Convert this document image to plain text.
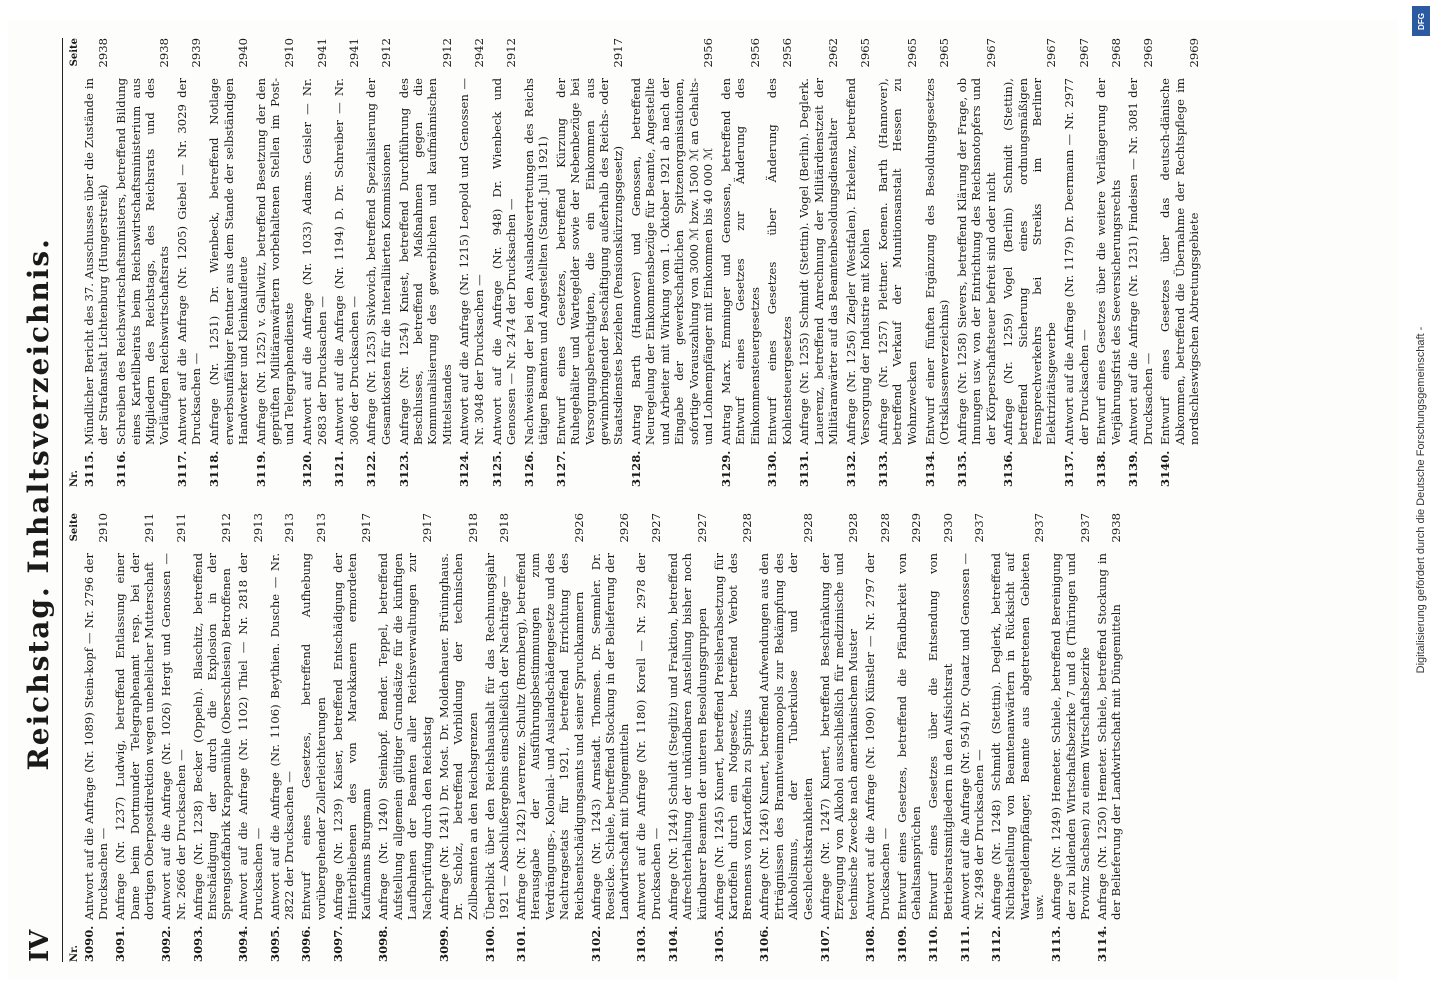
IV
Reichstag. Inhaltsverzeichnis.
Nr.
Seite
3090.
Antwort auf die Anfrage (Nr. 1089) Stein-kopf — Nr. 2796 der Drucksachen —
2910
3091.
Anfrage (Nr. 1237) Ludwig, betreffend Entlassung einer Dame beim Dortmunder Telegraphenamt resp. bei der dortigen Oberpostdirektion wegen unehelicher Mutterschaft
2911
3092.
Antwort auf die Anfrage (Nr. 1026) Hergt und Genossen — Nr. 2666 der Drucksachen —
2911
3093.
Anfrage (Nr. 1238) Becker (Oppeln). Blaschitz, betreffend Entschädigung der durch die Explosion in der Sprengstoffabrik Krappamühle (Oberschlesien) Betroffenen
2912
3094.
Antwort auf die Anfrage (Nr. 1102) Thiel — Nr. 2818 der Drucksachen —
2913
3095.
Antwort auf die Anfrage (Nr. 1106) Beythien. Dusche — Nr. 2822 der Drucksachen —
2913
3096.
Entwurf eines Gesetzes, betreffend Aufhebung vorübergehender Zollerleichterungen
2913
3097.
Anfrage (Nr. 1239) Kaiser, betreffend Entschädigung der Hinterbliebenen des von Marokkanern ermordeten Kaufmanns Burgmann
2917
3098.
Anfrage (Nr. 1240) Steinkopf. Bender. Teppel, betreffend Aufstellung allgemein gültiger Grundsätze für die künftigen Laufbahnen der Beamten aller Reichsverwaltungen zur Nachprüfung durch den Reichstag
2917
3099.
Anfrage (Nr. 1241) Dr. Most. Dr. Moldenhauer. Brüninghaus. Dr. Scholz, betreffend Vorbildung der technischen Zollbeamten an den Reichsgrenzen
2918
3100.
Überblick über den Reichshaushalt für das Rechnungsjahr 1921 — Abschlußergebnis einschließlich der Nachträge —
2918
3101.
Anfrage (Nr. 1242) Laverrenz. Schultz (Bromberg), betreffend Herausgabe der Ausführungsbestimmungen zum Verdrängungs-, Kolonial- und Auslandschädengesetze und des Nachtragsetats für 1921, betreffend Errichtung des Reichsentschädigungsamts und seiner Spruchkammern
2926
3102.
Anfrage (Nr. 1243) Arnstadt. Thomsen. Dr. Semmler. Dr. Roesicke. Schiele, betreffend Stockung in der Belieferung der Landwirtschaft mit Düngemitteln
2926
3103.
Antwort auf die Anfrage (Nr. 1180) Korell — Nr. 2978 der Drucksachen —
2927
3104.
Anfrage (Nr. 1244) Schuldt (Steglitz) und Fraktion, betreffend Aufrechterhaltung der unkündbaren Anstellung bisher noch kündbarer Beamten der unteren Besoldungsgruppen
2927
3105.
Anfrage (Nr. 1245) Kunert, betreffend Preisherabsetzung für Kartoffeln durch ein Notgesetz, betreffend Verbot des Brennens von Kartoffeln zu Spiritus
2928
3106.
Anfrage (Nr. 1246) Kunert, betreffend Aufwendungen aus den Erträgnissen des Branntweinmonopols zur Bekämpfung des Alkoholismus, der Tuberkulose und der Geschlechtskrankheiten
2928
3107.
Anfrage (Nr. 1247) Kunert, betreffend Beschränkung der Erzeugung von Alkohol ausschließlich für medizinische und technische Zwecke nach amerikanischem Muster
2928
3108.
Antwort auf die Anfrage (Nr. 1090) Künstler — Nr. 2797 der Drucksachen —
2928
3109.
Entwurf eines Gesetzes, betreffend die Pfändbarkeit von Gehaltsansprüchen
2929
3110.
Entwurf eines Gesetzes über die Entsendung von Betriebsratsmitgliedern in den Aufsichtsrat
2930
3111.
Antwort auf die Anfrage (Nr. 954) Dr. Quaatz und Genossen — Nr. 2498 der Drucksachen —
2937
3112.
Anfrage (Nr. 1248) Schmidt (Stettin). Deglerk, betreffend Nichtanstellung von Beamtenanwärtern in Rücksicht auf Wartegeldempfänger, Beamte aus abgetretenen Gebieten usw.
2937
3113.
Anfrage (Nr. 1249) Hemeter. Schiele, betreffend Bereinigung der zu bildenden Wirtschaftsbezirke 7 und 8 (Thüringen und Provinz Sachsen) zu einem Wirtschaftsbezirke
2937
3114.
Anfrage (Nr. 1250) Hemeter. Schiele, betreffend Stockung in der Belieferung der Landwirtschaft mit Düngemitteln
2938
Nr.
Seite
3115.
Mündlicher Bericht des 37. Ausschusses über die Zustände in der Strafanstalt Lichtenburg (Hungerstreik)
2938
3116.
Schreiben des Reichswirtschaftsministers, betreffend Bildung eines Kartellbeirats beim Reichswirtschaftsministerium aus Mitgliedern des Reichstags, des Reichsrats und des Vorläufigen Reichswirtschaftsrats
2938
3117.
Antwort auf die Anfrage (Nr. 1205) Giebel — Nr. 3029 der Drucksachen —
2939
3118.
Anfrage (Nr. 1251) Dr. Wienbeck, betreffend Notlage erwerbsunfähiger Rentner aus dem Stande der selbständigen Handwerker und Kleinkaufleute
2940
3119.
Anfrage (Nr. 1252) v. Gallwitz, betreffend Besetzung der den geprüften Militäranwärtern vorbehaltenen Stellen im Post- und Telegraphendienste
2910
3120.
Antwort auf die Anfrage (Nr. 1033) Adams. Geisler — Nr. 2683 der Drucksachen —
2941
3121.
Antwort auf die Anfrage (Nr. 1194) D. Dr. Schreiber — Nr. 3006 der Drucksachen —
2941
3122.
Anfrage (Nr. 1253) Sivkovich, betreffend Spezialisierung der Gesamtkosten für die Interalliierten Kommissionen
2912
3123.
Anfrage (Nr. 1254) Kniest, betreffend Durchführung des Beschlusses, betreffend Maßnahmen gegen die Kommunalisierung des gewerblichen und kaufmännischen Mittelstandes
2912
3124.
Antwort auf die Anfrage (Nr. 1215) Leopold und Genossen — Nr. 3048 der Drucksachen —
2942
3125.
Antwort auf die Anfrage (Nr. 948) Dr. Wienbeck und Genossen — Nr. 2474 der Drucksachen —
2912
3126.
Nachweisung der bei den Auslandsvertretungen des Reichs tätigen Beamten und Angestellten (Stand: Juli 1921)
3127.
Entwurf eines Gesetzes, betreffend Kürzung der Ruhegehälter und Wartegelder sowie der Nebenbezüge bei Versorgungsberechtigten, die ein Einkommen aus gewinnbringender Beschäftigung außerhalb des Reichs- oder Staatsdienstes beziehen (Pensionskürzungsgesetz)
2917
3128.
Antrag Barth (Hannover) und Genossen, betreffend Neuregelung der Einkommensbezüge für Beamte, Angestellte und Arbeiter mit Wirkung vom 1. Oktober 1921 ab nach der Eingabe der gewerkschaftlichen Spitzenorganisationen, sofortige Vorauszahlung von 3000 ℳ bzw. 1500 ℳ an Gehalts- und Lohnempfänger mit Einkommen bis 40 000 ℳ
2956
3129.
Antrag Marx. Emminger und Genossen, betreffend den Entwurf eines Gesetzes zur Änderung des Einkommensteuergesetzes
2956
3130.
Entwurf eines Gesetzes über Änderung des Kohlensteuergesetzes
2956
3131.
Anfrage (Nr. 1255) Schmidt (Stettin). Vogel (Berlin). Deglerk. Lauerenz, betreffend Anrechnung der Militärdienstzeit der Militäranwärter auf das Beamtenbesoldungsdienstalter
2962
3132.
Anfrage (Nr. 1256) Ziegler (Westfalen). Erkelenz, betreffend Versorgung der Industrie mit Kohlen
2965
3133.
Anfrage (Nr. 1257) Plettner. Koenen. Barth (Hannover), betreffend Verkauf der Munitionsanstalt Hessen zu Wohnzwecken
2965
3134.
Entwurf einer fünften Ergänzung des Besoldungsgesetzes (Ortsklassenverzeichnis)
2965
3135.
Anfrage (Nr. 1258) Sievers, betreffend Klärung der Frage, ob Innungen usw. von der Entrichtung des Reichsnotopfers und der Körperschaftsteuer befreit sind oder nicht
2967
3136.
Anfrage (Nr. 1259) Vogel (Berlin) Schmidt (Stettin), betreffend Sicherung eines ordnungsmäßigen Fernsprechverkehrs bei Streiks im Berliner Elektrizitätsgewerbe
2967
3137.
Antwort auf die Anfrage (Nr. 1179) Dr. Deermann — Nr. 2977 der Drucksachen —
2967
3138.
Entwurf eines Gesetzes über die weitere Verlängerung der Verjährungsfrist des Seeversicherungsrechts
2968
3139.
Antwort auf die Anfrage (Nr. 1231) Findeisen — Nr. 3081 der Drucksachen —
2969
3140.
Entwurf eines Gesetzes über das deutsch-dänische Abkommen, betreffend die Übernahme der Rechtspflege im nordschleswigschen Abtretungsgebiete
2969
DFG
Digitalisierung gefördert durch die Deutsche Forschungsgemeinschaft -
